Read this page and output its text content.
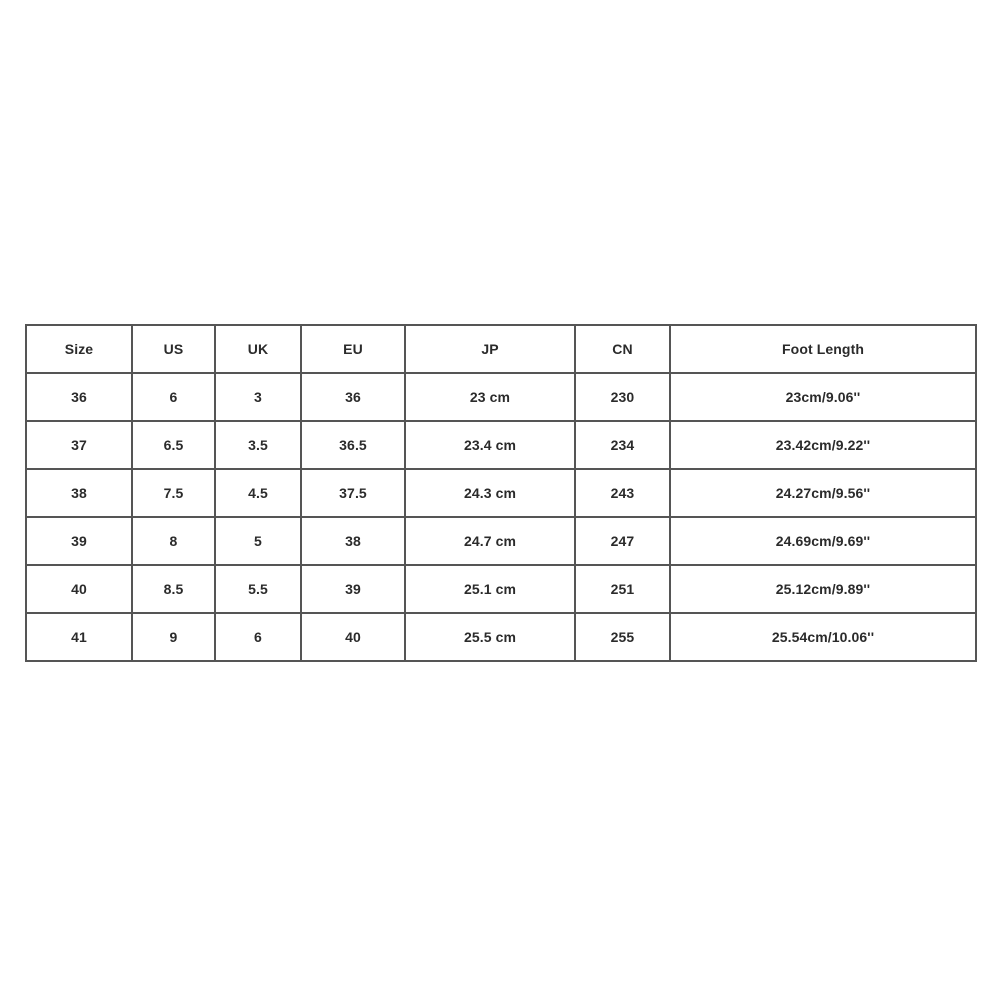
Size	US	UK	EU	JP	CN	Foot Length
36	6	3	36	23 cm	230	23cm/9.06''
37	6.5	3.5	36.5	23.4 cm	234	23.42cm/9.22''
38	7.5	4.5	37.5	24.3 cm	243	24.27cm/9.56''
39	8	5	38	24.7 cm	247	24.69cm/9.69''
40	8.5	5.5	39	25.1 cm	251	25.12cm/9.89''
41	9	6	40	25.5 cm	255	25.54cm/10.06''
